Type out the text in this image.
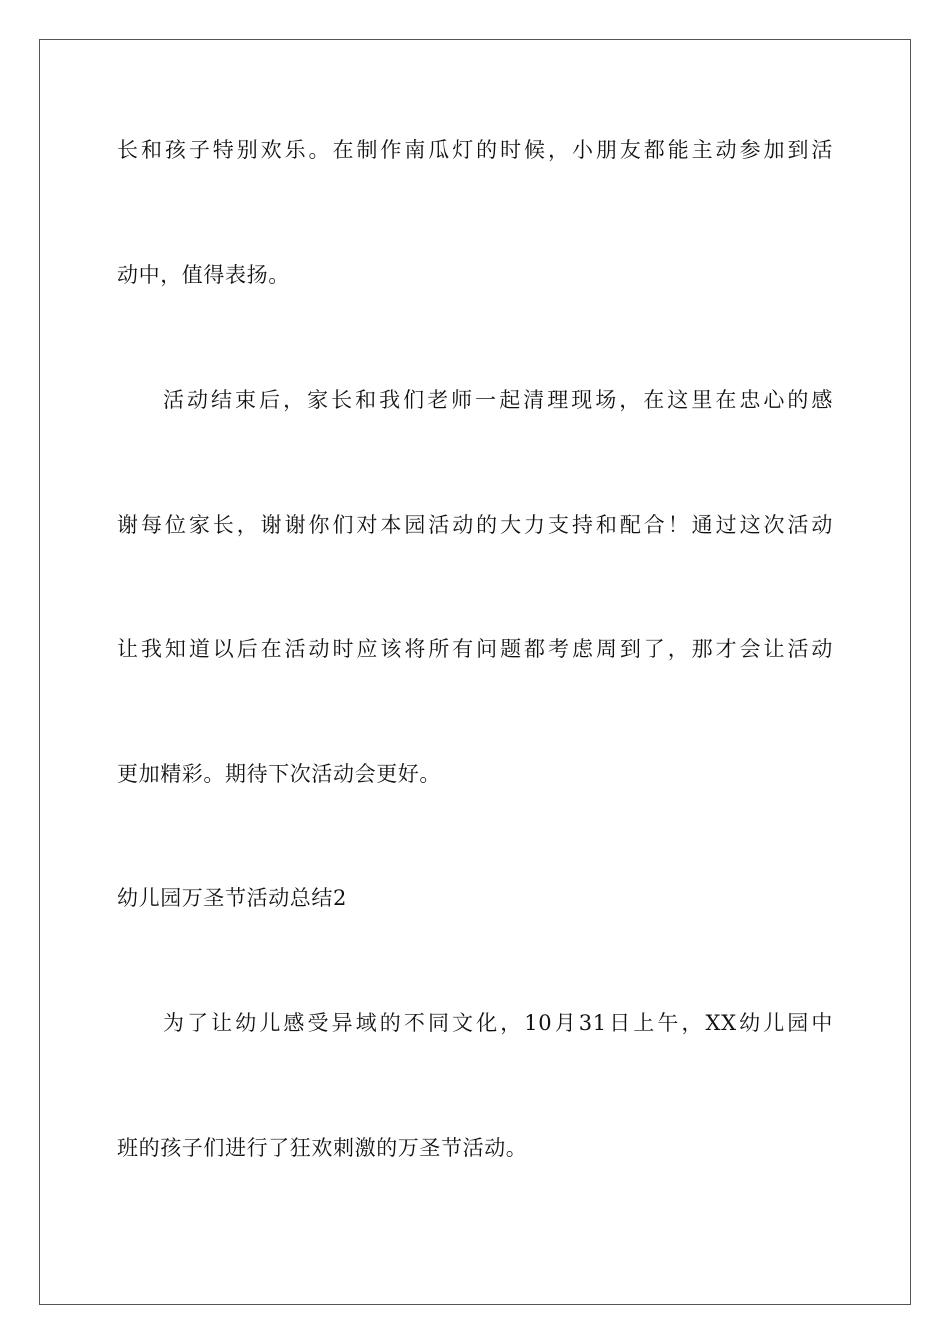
长和孩子特别欢乐。在制作南瓜灯的时候，小朋友都能主动参加到活
动中，值得表扬。
活动结束后，家长和我们老师一起清理现场，在这里在忠心的感
谢每位家长，谢谢你们对本园活动的大力支持和配合！通过这次活动
让我知道以后在活动时应该将所有问题都考虑周到了，那才会让活动
更加精彩。期待下次活动会更好。
幼儿园万圣节活动总结2
为了让幼儿感受异域的不同文化，10月31日上午，XX幼儿园中
班的孩子们进行了狂欢刺激的万圣节活动。
